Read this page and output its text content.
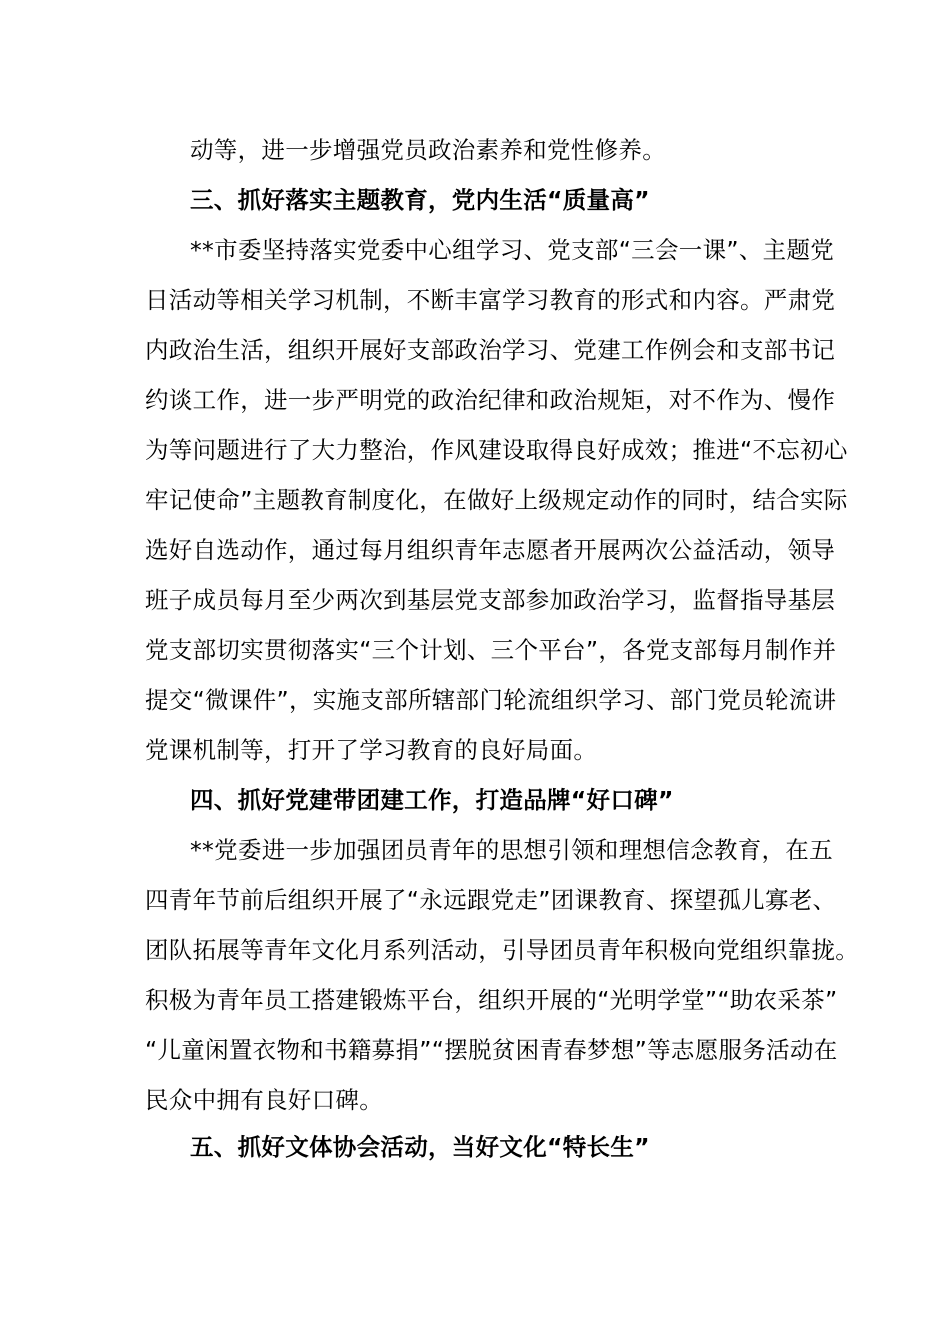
动等，进一步增强党员政治素养和党性修养。
三、抓好落实主题教育，党内生活“质量高”
**市委坚持落实党委中心组学习、党支部“三会一课”、主题党
日活动等相关学习机制，不断丰富学习教育的形式和内容。严肃党
内政治生活，组织开展好支部政治学习、党建工作例会和支部书记
约谈工作，进一步严明党的政治纪律和政治规矩，对不作为、慢作
为等问题进行了大力整治，作风建设取得良好成效；推进“不忘初心
牢记使命”主题教育制度化，在做好上级规定动作的同时，结合实际
选好自选动作，通过每月组织青年志愿者开展两次公益活动，领导
班子成员每月至少两次到基层党支部参加政治学习，监督指导基层
党支部切实贯彻落实“三个计划、三个平台”，各党支部每月制作并
提交“微课件”，实施支部所辖部门轮流组织学习、部门党员轮流讲
党课机制等，打开了学习教育的良好局面。
四、抓好党建带团建工作，打造品牌“好口碑”
**党委进一步加强团员青年的思想引领和理想信念教育，在五
四青年节前后组织开展了“永远跟党走”团课教育、探望孤儿寡老、
团队拓展等青年文化月系列活动，引导团员青年积极向党组织靠拢。
积极为青年员工搭建锻炼平台，组织开展的“光明学堂”“助农采茶”
“儿童闲置衣物和书籍募捐”“摆脱贫困青春梦想”等志愿服务活动在
民众中拥有良好口碑。
五、抓好文体协会活动，当好文化“特长生”
